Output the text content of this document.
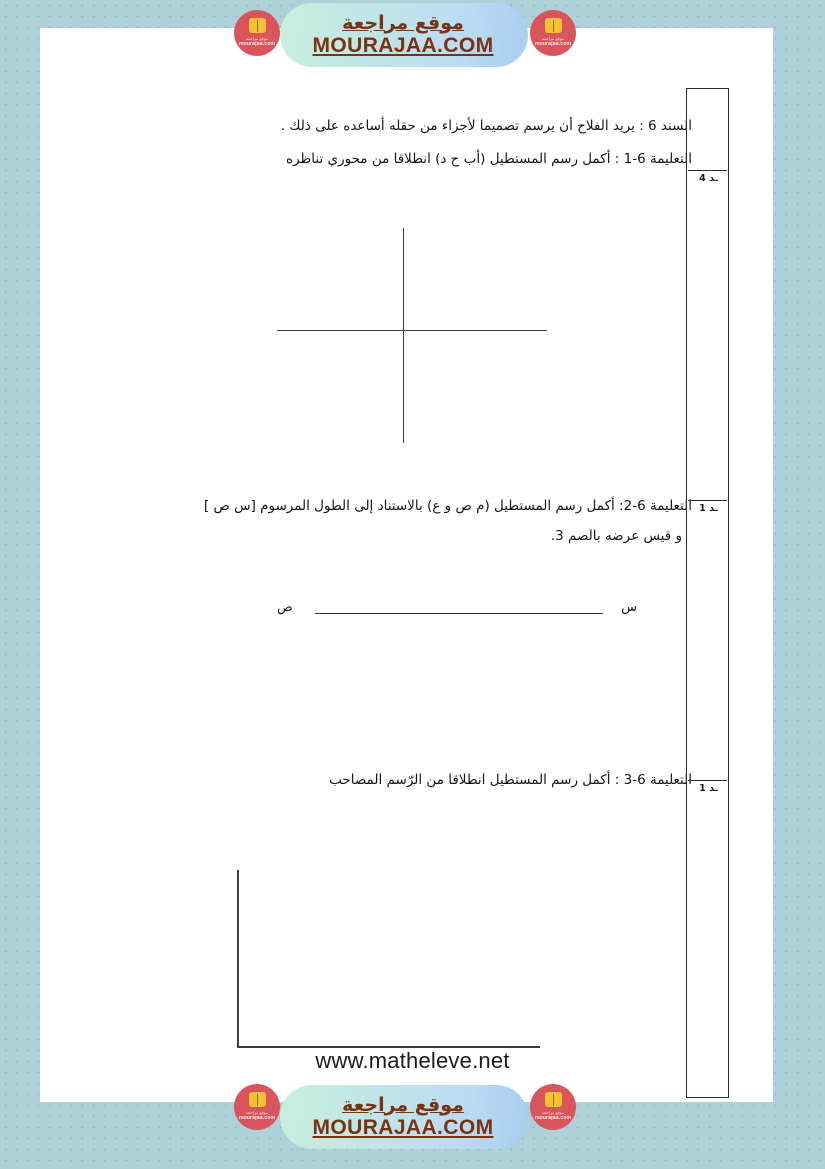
السند 6 : يريد الفلاح أن يرسم تصميما لأجزاء من حقله أساعده على ذلك .
التعليمة 6-1 : أكمل رسم المستطيل (أب ح د) انطلاقا من محوري تناظره
التعليمة 6-2: أكمل رسم المستطيل (م ص و ع) بالاستناد إلى الطول المرسوم [س ص ]
و قيس عرضه بالصم 3.
س
ص
التعليمة 6-3 : أكمل رسم المستطيل انطلاقا من الرّسم المصاحب
ـد 4
ـد 1
ـد 1
www.matheleve.net
موقع مراجعة
MOURAJAA.COM
موقع مراجعة
mourajaa.com
موقع مراجعة
mourajaa.com
موقع مراجعة
MOURAJAA.COM
موقع مراجعة
mourajaa.com
موقع مراجعة
mourajaa.com
